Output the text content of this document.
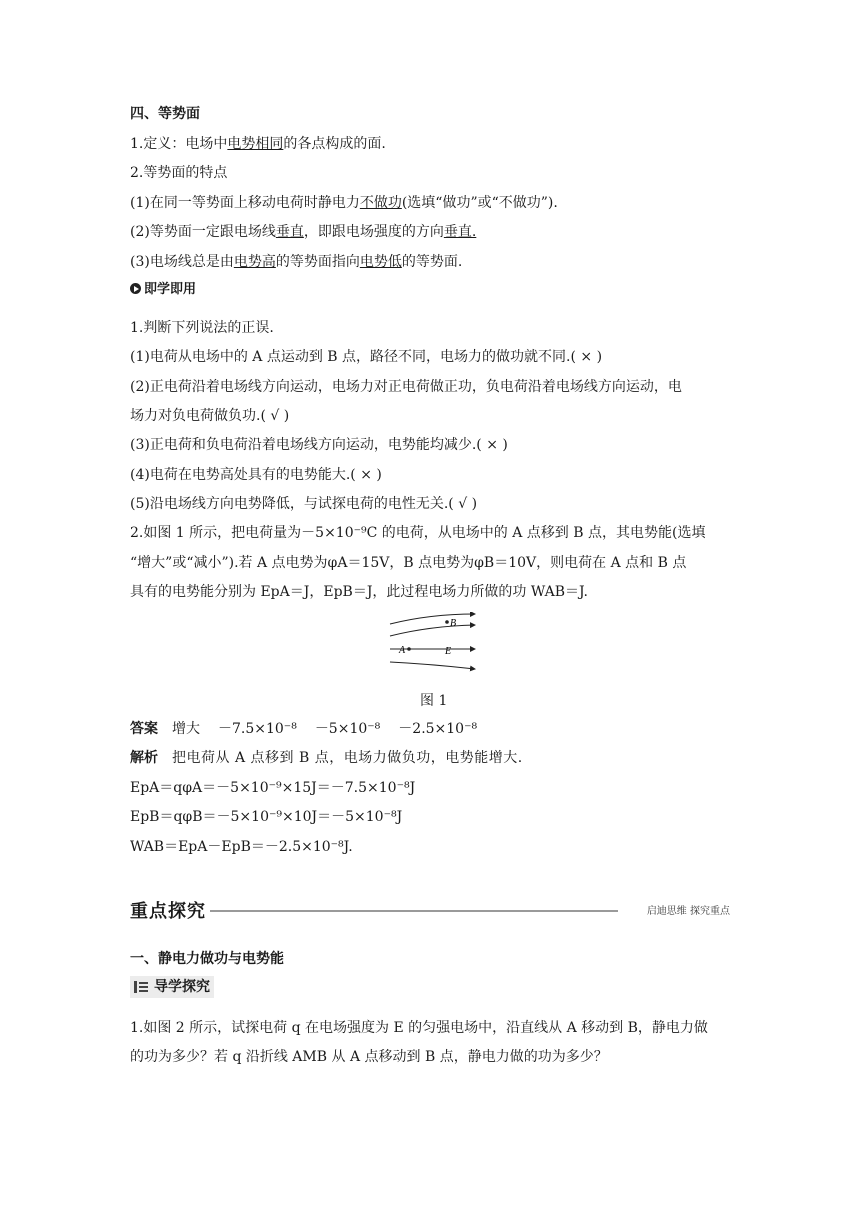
四、等势面
1.定义：电场中电势相同的各点构成的面.
2.等势面的特点
(1)在同一等势面上移动电荷时静电力不做功(选填“做功”或“不做功”).
(2)等势面一定跟电场线垂直，即跟电场强度的方向垂直.
(3)电场线总是由电势高的等势面指向电势低的等势面.
即学即用
1.判断下列说法的正误.
(1)电荷从电场中的 A 点运动到 B 点，路径不同，电场力的做功就不同.( × )
(2)正电荷沿着电场线方向运动，电场力对正电荷做正功，负电荷沿着电场线方向运动，电
场力对负电荷做负功.( √ )
(3)正电荷和负电荷沿着电场线方向运动，电势能均减少.( × )
(4)电荷在电势高处具有的电势能大.( × )
(5)沿电场线方向电势降低，与试探电荷的电性无关.( √ )
2.如图 1 所示，把电荷量为－5×10⁻⁹C 的电荷，从电场中的 A 点移到 B 点，其电势能(选填
“增大”或“减小”).若 A 点电势为φA＝15V，B 点电势为φB＝10V，则电荷在 A 点和 B 点
具有的电势能分别为 EpA＝J，EpB＝J，此过程电场力所做的功 WAB＝J.
B
A	E
图 1
答案 增大 －7.5×10⁻⁸ －5×10⁻⁸ －2.5×10⁻⁸
解析 把电荷从 A 点移到 B 点，电场力做负功，电势能增大.
EpA＝qφA＝－5×10⁻⁹×15J＝－7.5×10⁻⁸J
EpB＝qφB＝－5×10⁻⁹×10J＝－5×10⁻⁸J
WAB＝EpA－EpB＝－2.5×10⁻⁸J.
重点探究	启迪思维 探究重点
一、静电力做功与电势能
导学探究
1.如图 2 所示，试探电荷 q 在电场强度为 E 的匀强电场中，沿直线从 A 移动到 B，静电力做
的功为多少？若 q 沿折线 AMB 从 A 点移动到 B 点，静电力做的功为多少？
